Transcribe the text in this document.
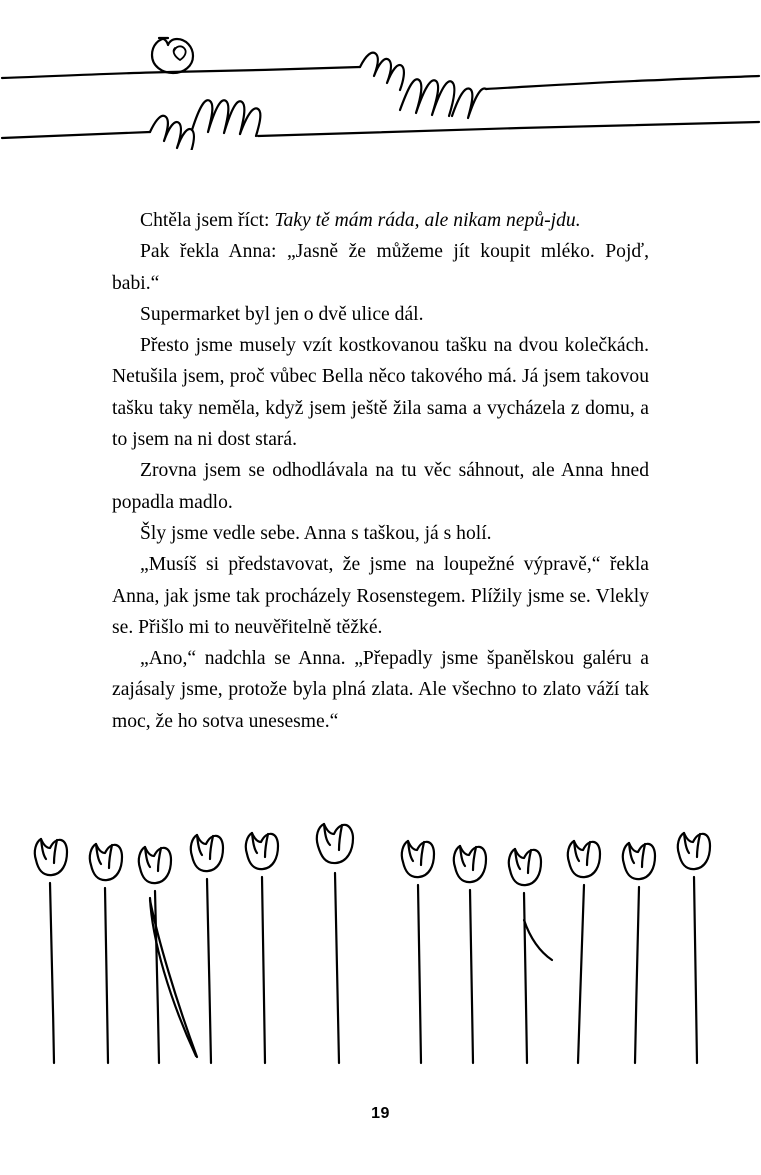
Chtěla jsem říct: Taky tě mám ráda, ale nikam nepů-jdu.

Pak řekla Anna: „Jasně že můžeme jít koupit mléko. Pojď, babi.“

Supermarket byl jen o dvě ulice dál.

Přesto jsme musely vzít kostkovanou tašku na dvou kolečkách. Netušila jsem, proč vůbec Bella něco takového má. Já jsem takovou tašku taky neměla, když jsem ještě žila sama a vycházela z domu, a to jsem na ni dost stará.

Zrovna jsem se odhodlávala na tu věc sáhnout, ale Anna hned popadla madlo.

Šly jsme vedle sebe. Anna s taškou, já s holí.

„Musíš si představovat, že jsme na loupežné výpravě,“ řekla Anna, jak jsme tak procházely Rosenstegem. Plížily jsme se. Vlekly se. Přišlo mi to neuvěřitelně těžké.

„Ano,“ nadchla se Anna. „Přepadly jsme španělskou galéru a zajásaly jsme, protože byla plná zlata. Ale všechno to zlato váží tak moc, že ho sotva unesesme.“

19
